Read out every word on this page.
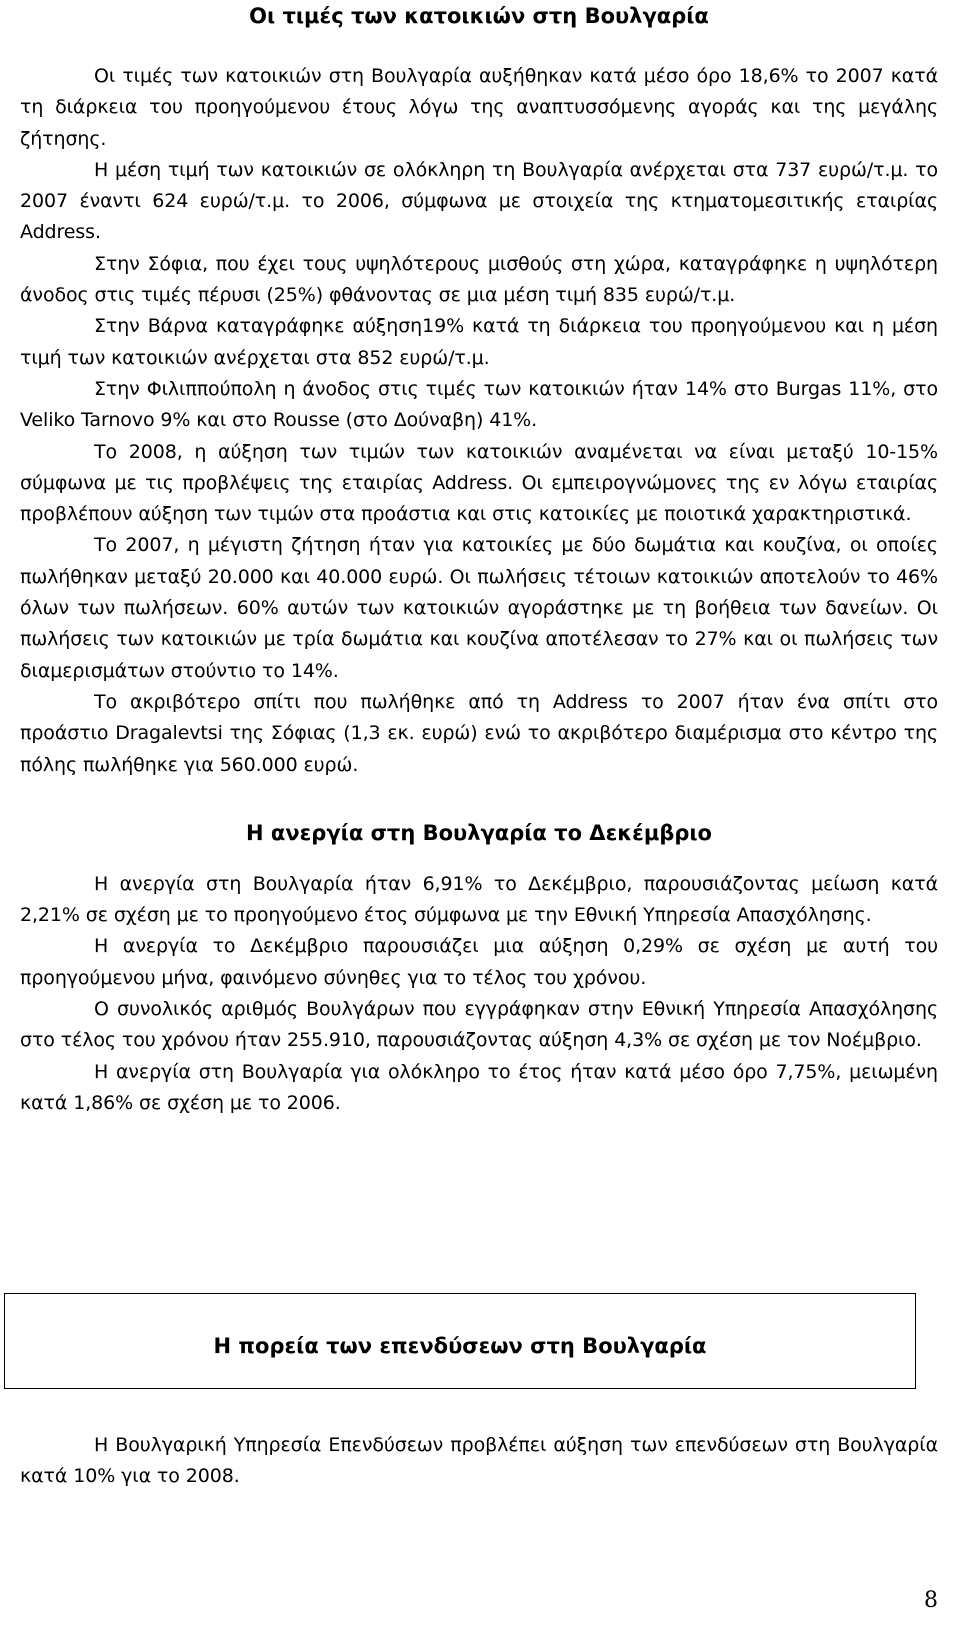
Οι τιμές των κατοικιών στη Βουλγαρία

Οι τιμές των κατοικιών στη Βουλγαρία αυξήθηκαν κατά μέσο όρο 18,6% το 2007 κατά τη διάρκεια του προηγούμενου έτους λόγω της αναπτυσσόμενης αγοράς και της μεγάλης ζήτησης.

Η μέση τιμή των κατοικιών σε ολόκληρη τη Βουλγαρία ανέρχεται στα 737 ευρώ/τ.μ. το 2007 έναντι 624 ευρώ/τ.μ. το 2006, σύμφωνα με στοιχεία της κτηματομεσιτικής εταιρίας Address.

Στην Σόφια, που έχει τους υψηλότερους μισθούς στη χώρα, καταγράφηκε η υψηλότερη άνοδος στις τιμές πέρυσι (25%) φθάνοντας σε μια μέση τιμή 835 ευρώ/τ.μ.

Στην Βάρνα καταγράφηκε αύξηση19% κατά τη διάρκεια του προηγούμενου και η μέση τιμή των κατοικιών ανέρχεται στα 852 ευρώ/τ.μ.

Στην Φιλιππούπολη η άνοδος στις τιμές των κατοικιών ήταν 14% στο Burgas 11%, στο Veliko Tarnovo 9% και στο Rousse (στο Δούναβη) 41%.

Το 2008, η αύξηση των τιμών των κατοικιών αναμένεται να είναι μεταξύ 10-15% σύμφωνα με τις προβλέψεις της εταιρίας Address. Οι εμπειρογνώμονες της εν λόγω εταιρίας προβλέπουν αύξηση των τιμών στα προάστια και στις κατοικίες με ποιοτικά χαρακτηριστικά.

Το 2007, η μέγιστη ζήτηση ήταν για κατοικίες με δύο δωμάτια και κουζίνα, οι οποίες πωλήθηκαν μεταξύ 20.000 και 40.000 ευρώ. Οι πωλήσεις τέτοιων κατοικιών αποτελούν το 46% όλων των πωλήσεων. 60% αυτών των κατοικιών αγοράστηκε με τη βοήθεια των δανείων. Οι πωλήσεις των κατοικιών με τρία δωμάτια και κουζίνα αποτέλεσαν το 27% και οι πωλήσεις των διαμερισμάτων στούντιο το 14%.

Το ακριβότερο σπίτι που πωλήθηκε από τη Address το 2007 ήταν ένα σπίτι στο προάστιο Dragalevtsi της Σόφιας (1,3 εκ. ευρώ) ενώ το ακριβότερο διαμέρισμα στο κέντρο της πόλης πωλήθηκε για 560.000 ευρώ.

Η ανεργία στη Βουλγαρία το Δεκέμβριο

Η ανεργία στη Βουλγαρία ήταν 6,91% το Δεκέμβριο, παρουσιάζοντας μείωση κατά 2,21% σε σχέση με το προηγούμενο έτος σύμφωνα με την Εθνική Υπηρεσία Απασχόλησης.

Η ανεργία το Δεκέμβριο παρουσιάζει μια αύξηση 0,29% σε σχέση με αυτή του προηγούμενου μήνα, φαινόμενο σύνηθες για το τέλος του χρόνου.

Ο συνολικός αριθμός Βουλγάρων που εγγράφηκαν στην Εθνική Υπηρεσία Απασχόλησης στο τέλος του χρόνου ήταν 255.910, παρουσιάζοντας αύξηση 4,3% σε σχέση με τον Νοέμβριο.

Η ανεργία στη Βουλγαρία για ολόκληρο το έτος ήταν κατά μέσο όρο 7,75%, μειωμένη κατά 1,86% σε σχέση με το 2006.

Η πορεία των επενδύσεων στη Βουλγαρία

Η Βουλγαρική Υπηρεσία Επενδύσεων προβλέπει αύξηση των επενδύσεων στη Βουλγαρία κατά 10% για το 2008.

8
